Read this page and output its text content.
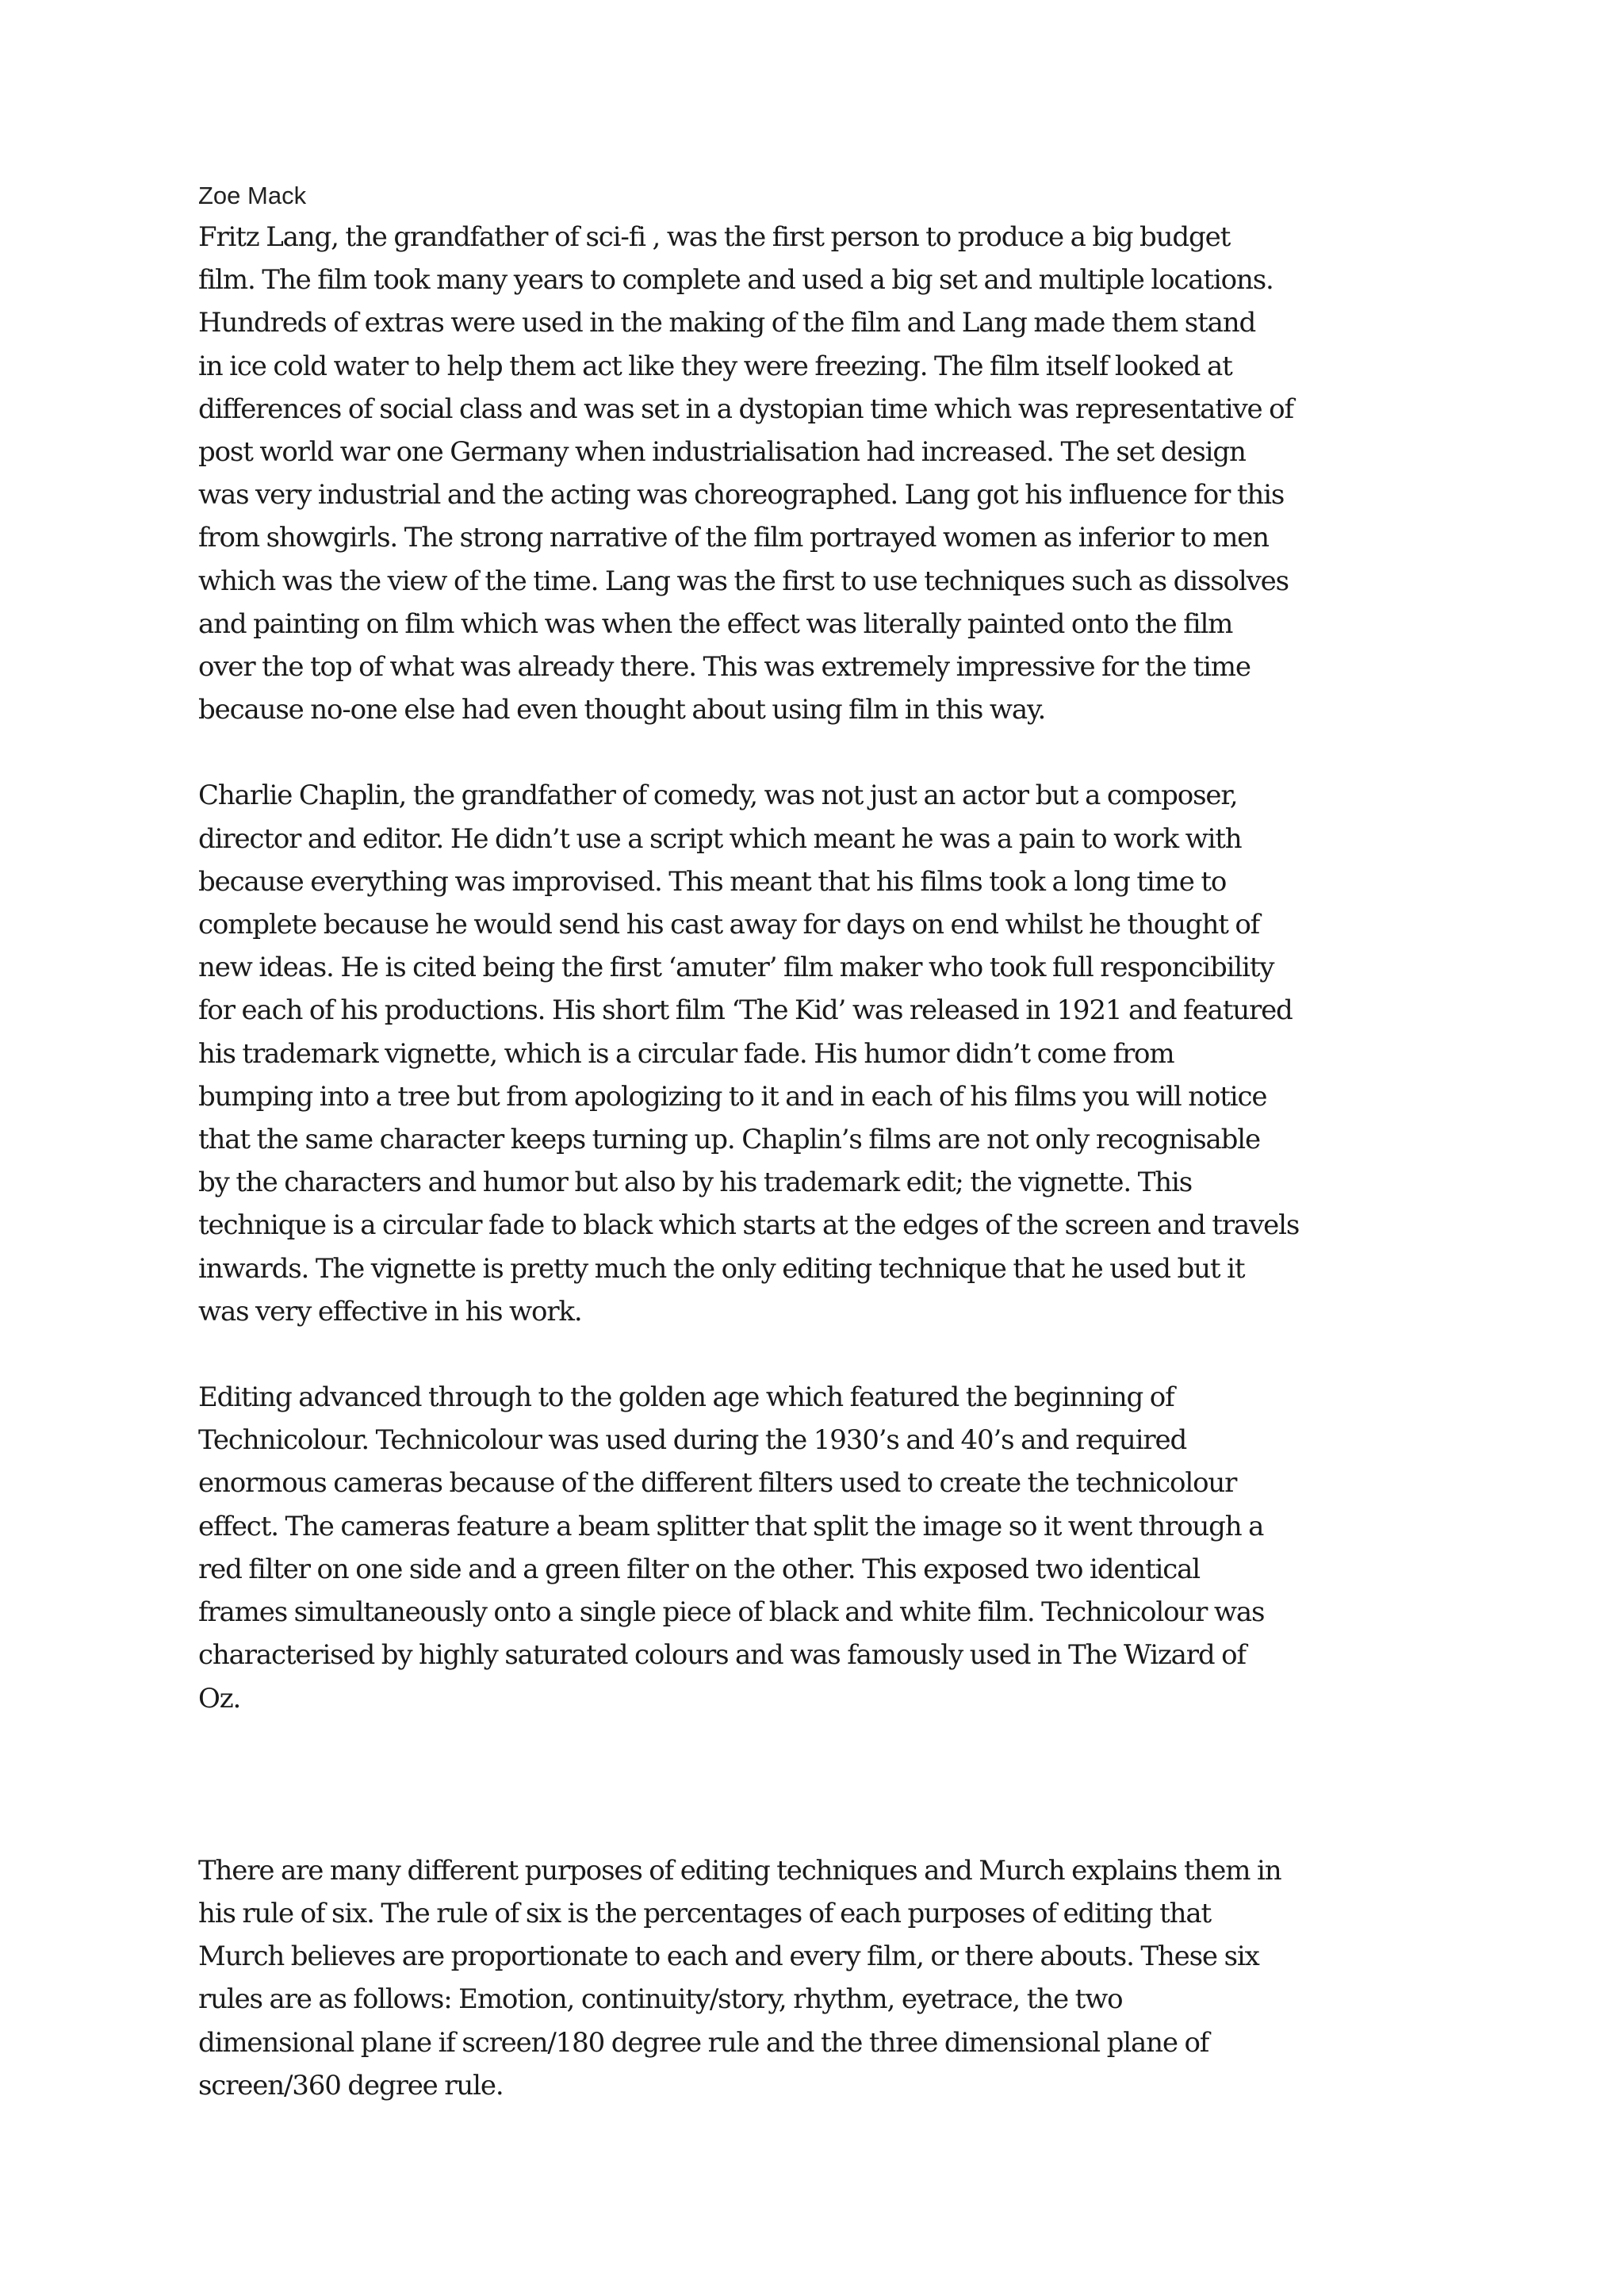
Zoe Mack

Fritz Lang, the grandfather of sci-fi , was the first person to produce a big budget
film. The film took many years to complete and used a big set and multiple locations.
Hundreds of extras were used in the making of the film and Lang made them stand
in ice cold water to help them act like they were freezing. The film itself looked at
differences of social class and was set in a dystopian time which was representative of
post world war one Germany when industrialisation had increased. The set design
was very industrial and the acting was choreographed. Lang got his influence for this
from showgirls. The strong narrative of the film portrayed women as inferior to men
which was the view of the time. Lang was the first to use techniques such as dissolves
and painting on film which was when the effect was literally painted onto the film
over the top of what was already there. This was extremely impressive for the time
because no-one else had even thought about using film in this way.

Charlie Chaplin, the grandfather of comedy, was not just an actor but a composer,
director and editor. He didn’t use a script which meant he was a pain to work with
because everything was improvised. This meant that his films took a long time to
complete because he would send his cast away for days on end whilst he thought of
new ideas. He is cited being the first ‘amuter’ film maker who took full responcibility
for each of his productions. His short film ‘The Kid’ was released in 1921 and featured
his trademark vignette, which is a circular fade. His humor didn’t come from
bumping into a tree but from apologizing to it and in each of his films you will notice
that the same character keeps turning up. Chaplin’s films are not only recognisable
by the characters and humor but also by his trademark edit; the vignette. This
technique is a circular fade to black which starts at the edges of the screen and travels
inwards. The vignette is pretty much the only editing technique that he used but it
was very effective in his work.

Editing advanced through to the golden age which featured the beginning of
Technicolour. Technicolour was used during the 1930’s and 40’s and required
enormous cameras because of the different filters used to create the technicolour
effect. The cameras feature a beam splitter that split the image so it went through a
red filter on one side and a green filter on the other. This exposed two identical
frames simultaneously onto a single piece of black and white film. Technicolour was
characterised by highly saturated colours and was famously used in The Wizard of
Oz.

There are many different purposes of editing techniques and Murch explains them in
his rule of six. The rule of six is the percentages of each purposes of editing that
Murch believes are proportionate to each and every film, or there abouts. These six
rules are as follows: Emotion, continuity/story, rhythm, eyetrace, the two
dimensional plane if screen/180 degree rule and the three dimensional plane of
screen/360 degree rule.
